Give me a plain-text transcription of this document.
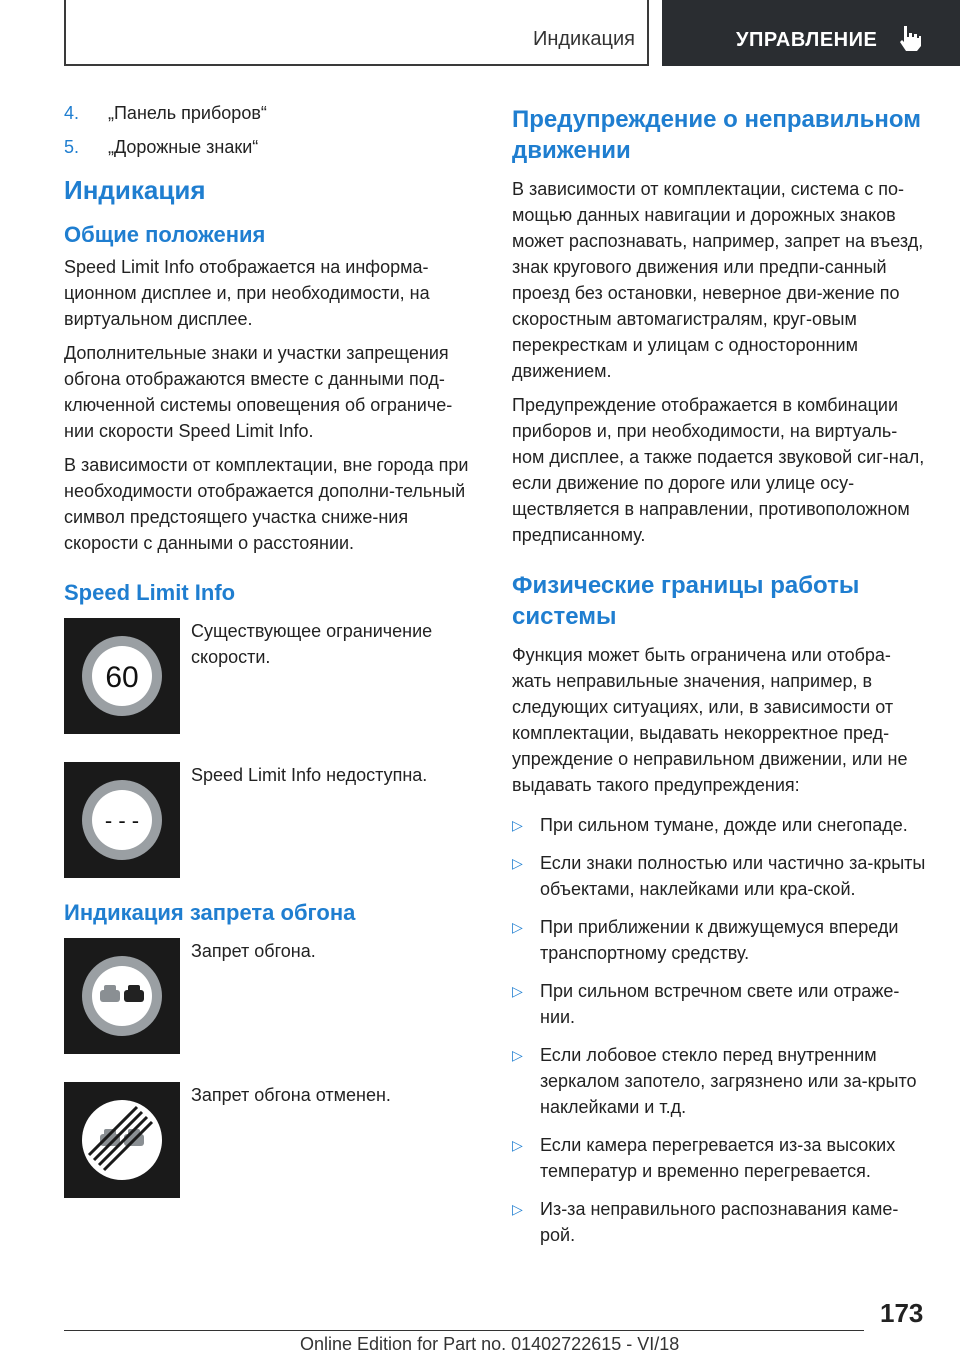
Индикация	УПРАВЛЕНИЕ
4. „Панель приборов“
5. „Дорожные знаки“
Индикация
Общие положения

Speed Limit Info отображается на информа-ционном дисплее и, при необходимости, на виртуальном дисплее.

Дополнительные знаки и участки запрещения обгона отображаются вместе с данными под-ключенной системы оповещения об ограниче-нии скорости Speed Limit Info.

В зависимости от комплектации, вне города при необходимости отображается дополни-тельный символ предстоящего участка сниже-ния скорости с данными о расстоянии.

Speed Limit Info
60

Существующее ограничение скорости.

- - -

Speed Limit Info недоступна.

Индикация запрета обгона

Запрет обгона.

Запрет обгона отменен.

Предупреждение о неправильном движении

В зависимости от комплектации, система с по-мощью данных навигации и дорожных знаков может распознавать, например, запрет на въезд, знак кругового движения или предпи-санный проезд без остановки, неверное дви-жение по скоростным автомагистралям, круг-овым перекресткам и улицам с односторонним движением.

Предупреждение отображается в комбинации приборов и, при необходимости, на виртуаль-ном дисплее, а также подается звуковой сиг-нал, если движение по дороге или улице осу-ществляется в направлении, противоположном предписанному.

Физические границы работы системы

Функция может быть ограничена или отобра-жать неправильные значения, например, в следующих ситуациях, или, в зависимости от комплектации, выдавать некорректное пред-упреждение о неправильном движении, или не выдавать такого предупреждения:

▷ При сильном тумане, дожде или снегопаде.
▷ Если знаки полностью или частично за-крыты объектами, наклейками или кра-ской.
▷ При приближении к движущемуся впереди транспортному средству.
▷ При сильном встречном свете или отраже-нии.
▷ Если лобовое стекло перед внутренним зеркалом запотело, загрязнено или за-крыто наклейками и т.д.
▷ Если камера перегревается из-за высоких температур и временно перегревается.
▷ Из-за неправильного распознавания каме-рой.
173
Online Edition for Part no. 01402722615 - VI/18
